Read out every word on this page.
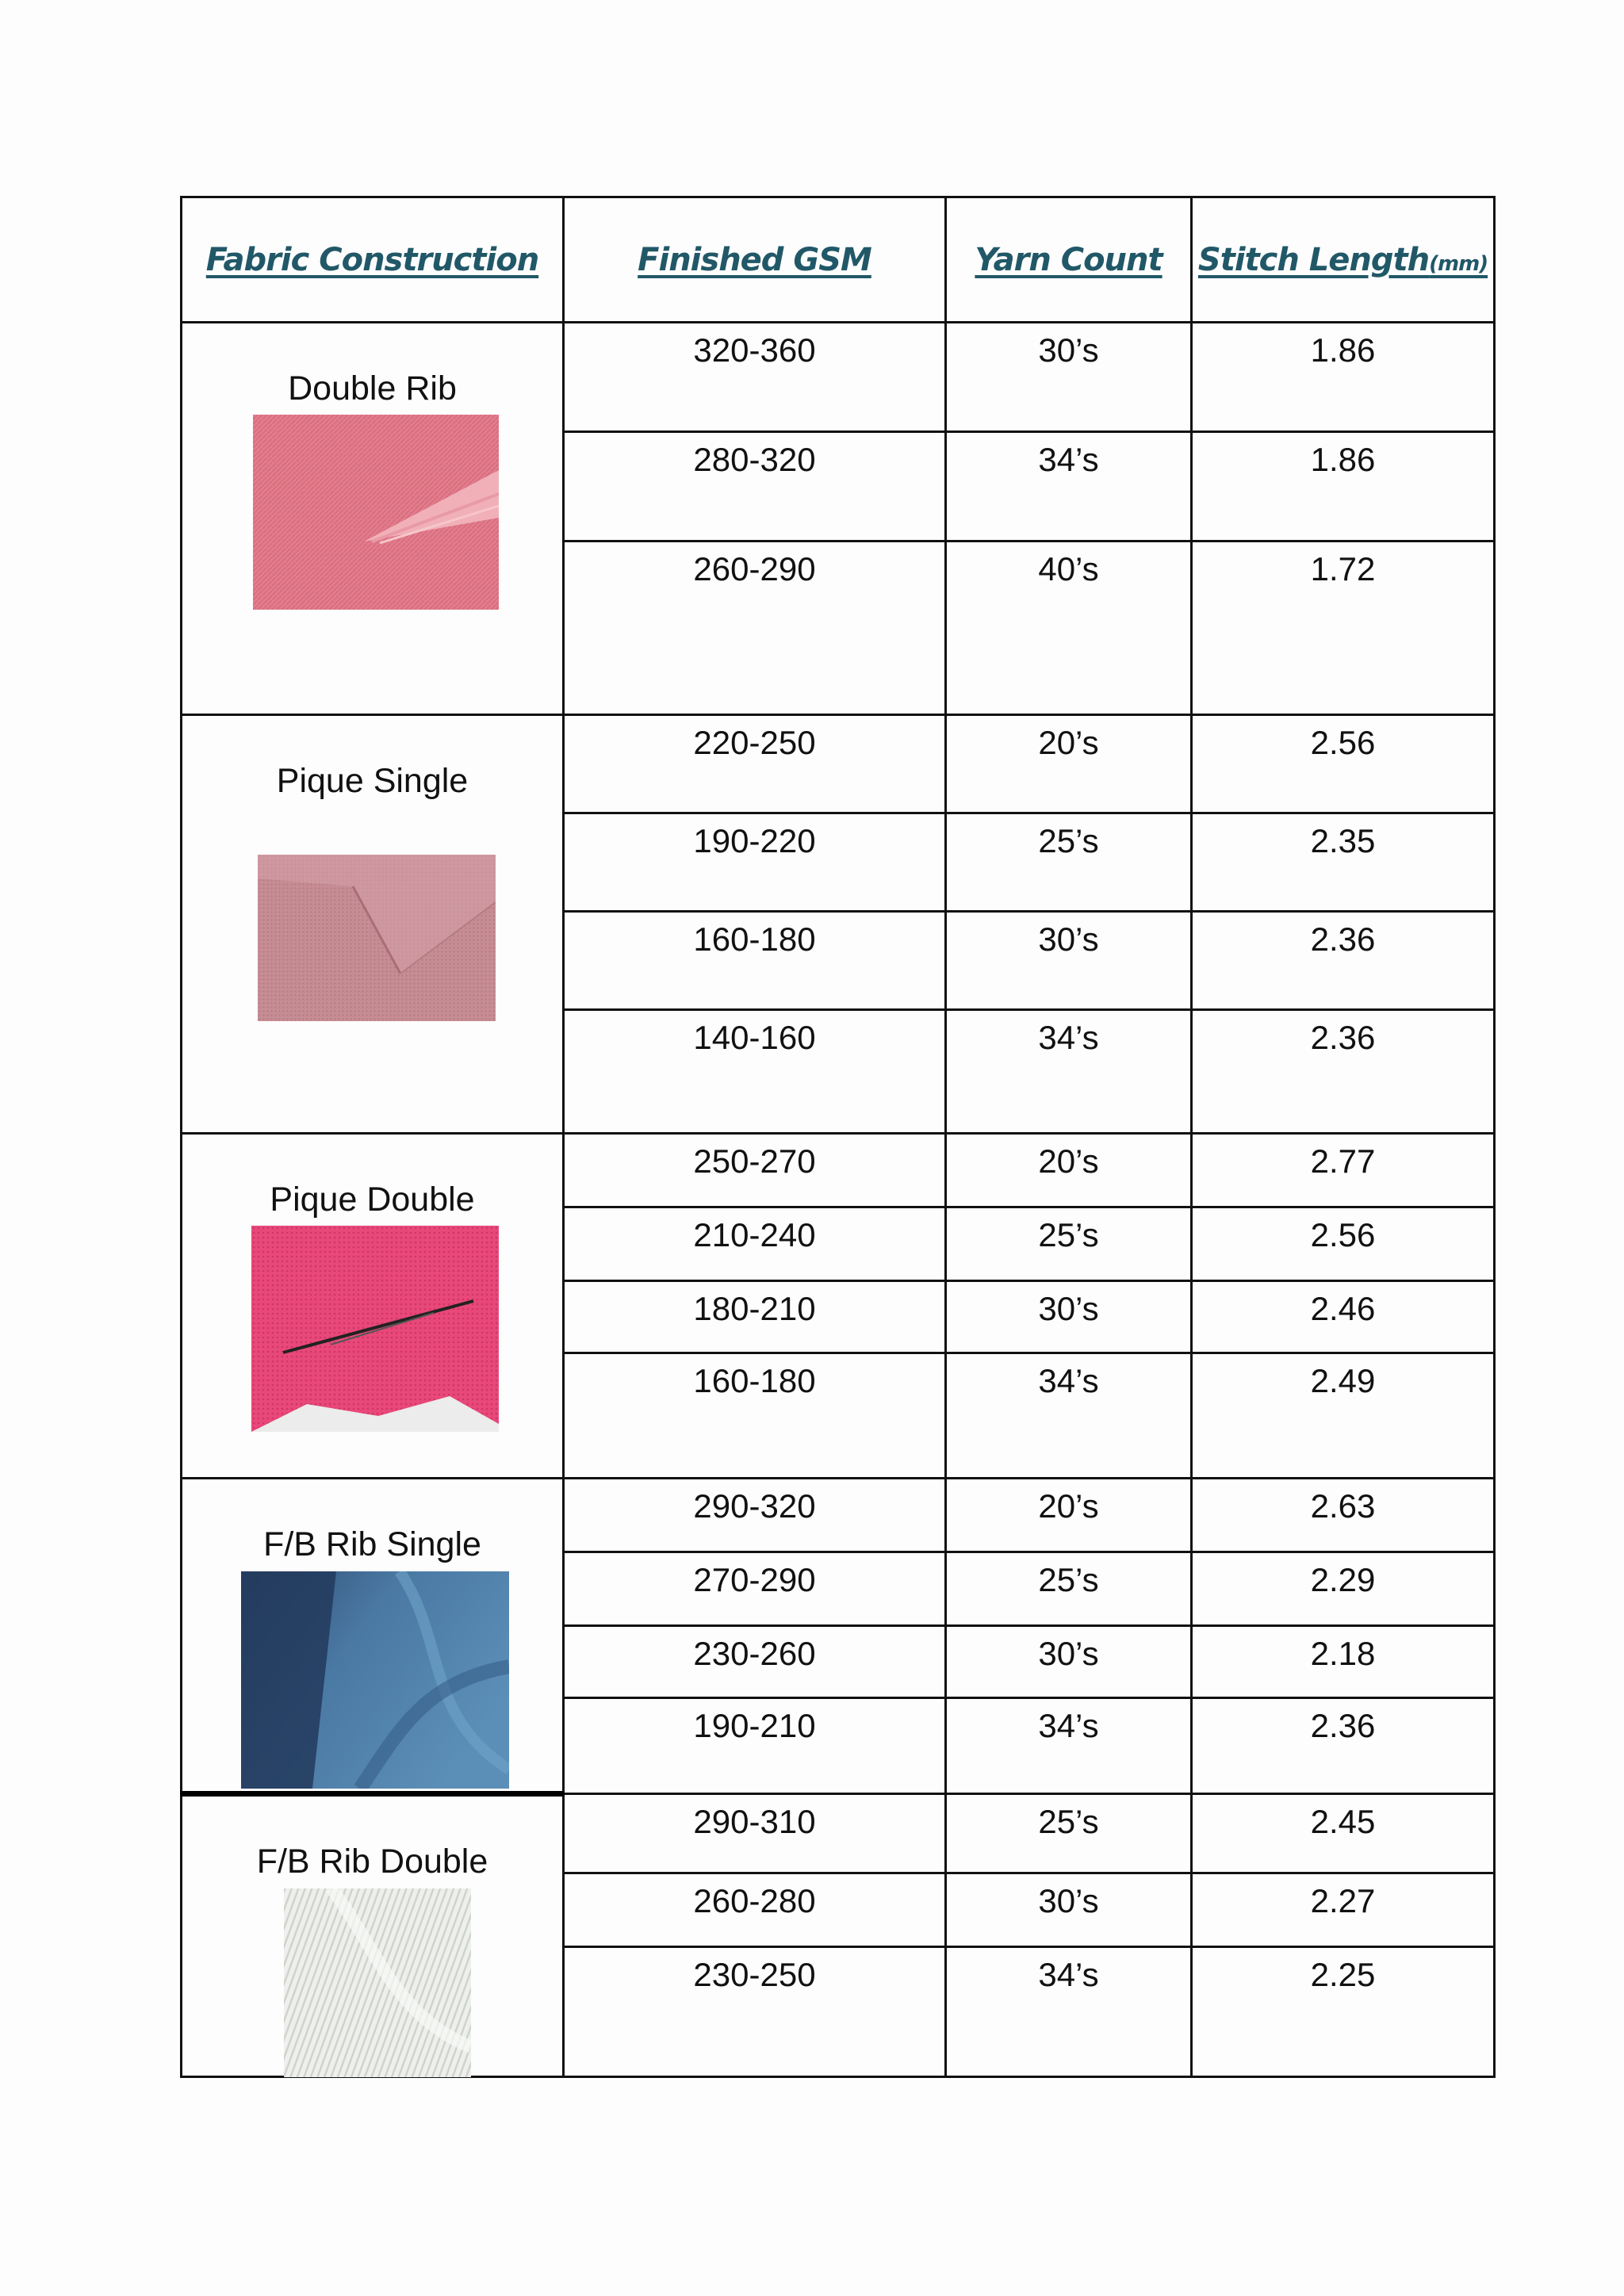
Fabric Construction	Finished GSM	Yarn Count	Stitch Length(mm)

Double Rib	320-360	30’s	1.86
	280-320	34’s	1.86
	260-290	40’s	1.72

Pique Single	220-250	20’s	2.56
	190-220	25’s	2.35
	160-180	30’s	2.36
	140-160	34’s	2.36

Pique Double	250-270	20’s	2.77
	210-240	25’s	2.56
	180-210	30’s	2.46
	160-180	34’s	2.49

F/B Rib Single	290-320	20’s	2.63
	270-290	25’s	2.29
	230-260	30’s	2.18
	190-210	34’s	2.36

F/B Rib Double	290-310	25’s	2.45
	260-280	30’s	2.27
	230-250	34’s	2.25
